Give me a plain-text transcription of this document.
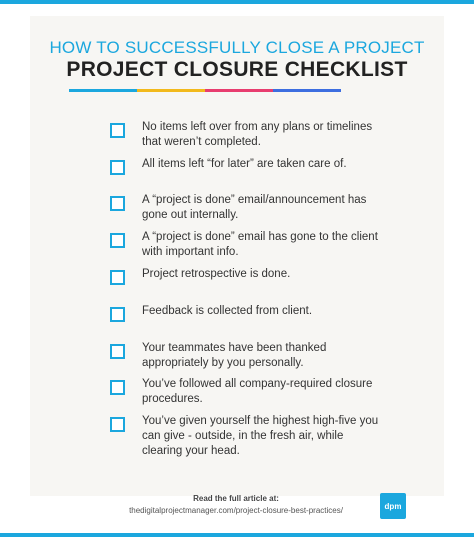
HOW TO SUCCESSFULLY CLOSE A PROJECT
PROJECT CLOSURE CHECKLIST
No items left over from any plans or timelines that weren’t completed.
All items left “for later” are taken care of.
A “project is done” email/announcement has gone out internally.
A “project is done” email has gone to the client with important info.
Project retrospective is done.
Feedback is collected from client.
Your teammates have been thanked appropriately by you personally.
You’ve followed all company-required closure procedures.
You’ve given yourself the highest high-five you can give - outside, in the fresh air, while clearing your head.
Read the full article at:
thedigitalprojectmanager.com/project-closure-best-practices/	dpm
